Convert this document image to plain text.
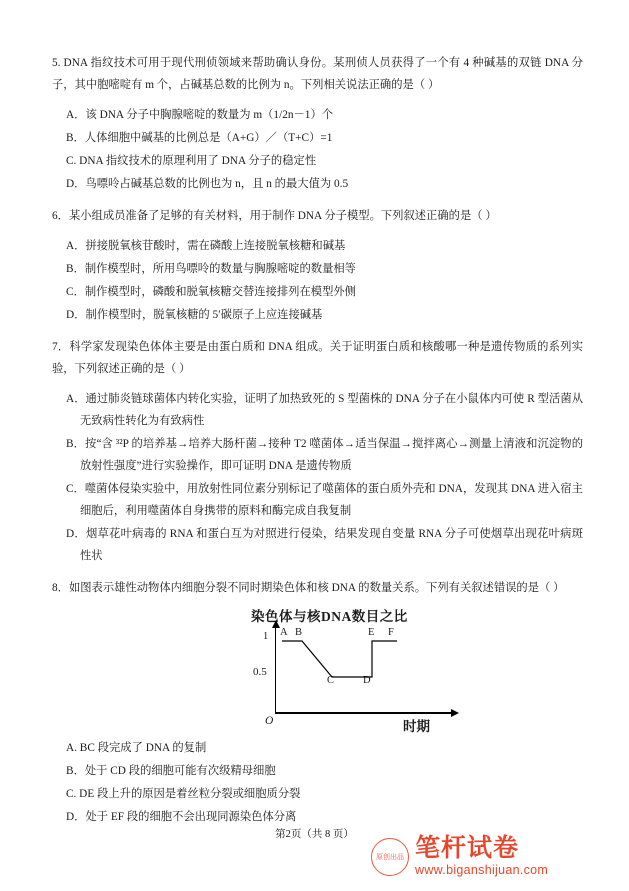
5. DNA 指纹技术可用于现代刑侦领域来帮助确认身份。某刑侦人员获得了一个有 4 种碱基的双链 DNA 分子，其中胞嘧啶有 m 个，占碱基总数的比例为 n。下列相关说法正确的是（ ）

A．该 DNA 分子中胸腺嘧啶的数量为 m（1/2n－1）个

B．人体细胞中碱基的比例总是（A+G）／（T+C）=1

C. DNA 指纹技术的原理利用了 DNA 分子的稳定性

D．鸟嘌呤占碱基总数的比例也为 n，且 n 的最大值为 0.5

6．某小组成员准备了足够的有关材料，用于制作 DNA 分子模型。下列叙述正确的是（ ）

A．拼接脱氧核苷酸时，需在磷酸上连接脱氧核糖和碱基

B．制作模型时，所用鸟嘌呤的数量与胸腺嘧啶的数量相等

C．制作模型时，磷酸和脱氧核糖交替连接排列在模型外侧

D．制作模型时，脱氧核糖的 5′碳原子上应连接碱基

7．科学家发现染色体体主要是由蛋白质和 DNA 组成。关于证明蛋白质和核酸哪一种是遗传物质的系列实验，下列叙述正确的是（ ）

A．通过肺炎链球菌体内转化实验，证明了加热致死的 S 型菌株的 DNA 分子在小鼠体内可使 R 型活菌从无致病性转化为有致病性

B．按“含 ³²P 的培养基→培养大肠杆菌→接种 T2 噬菌体→适当保温→搅拌离心→测量上清液和沉淀物的放射性强度”进行实验操作，即可证明 DNA 是遗传物质

C．噬菌体侵染实验中，用放射性同位素分别标记了噬菌体的蛋白质外壳和 DNA，发现其 DNA 进入宿主细胞后，利用噬菌体自身携带的原料和酶完成自我复制

D．烟草花叶病毒的 RNA 和蛋白互为对照进行侵染，结果发现自变量 RNA 分子可使烟草出现花叶病斑性状

8．如图表示雄性动物体内细胞分裂不同时期染色体和核 DNA 的数量关系。下列有关叙述错误的是（ ）

染色体与核DNA数目之比
1
0.5
O	时期
A B
C	D
E F

A. BC 段完成了 DNA 的复制

B．处于 CD 段的细胞可能有次级精母细胞

C. DE 段上升的原因是着丝粒分裂或细胞质分裂

D．处于 EF 段的细胞不会出现同源染色体分离

第2页（共 8 页）
原创出品 笔杆试卷
www.biganshijuan.com
